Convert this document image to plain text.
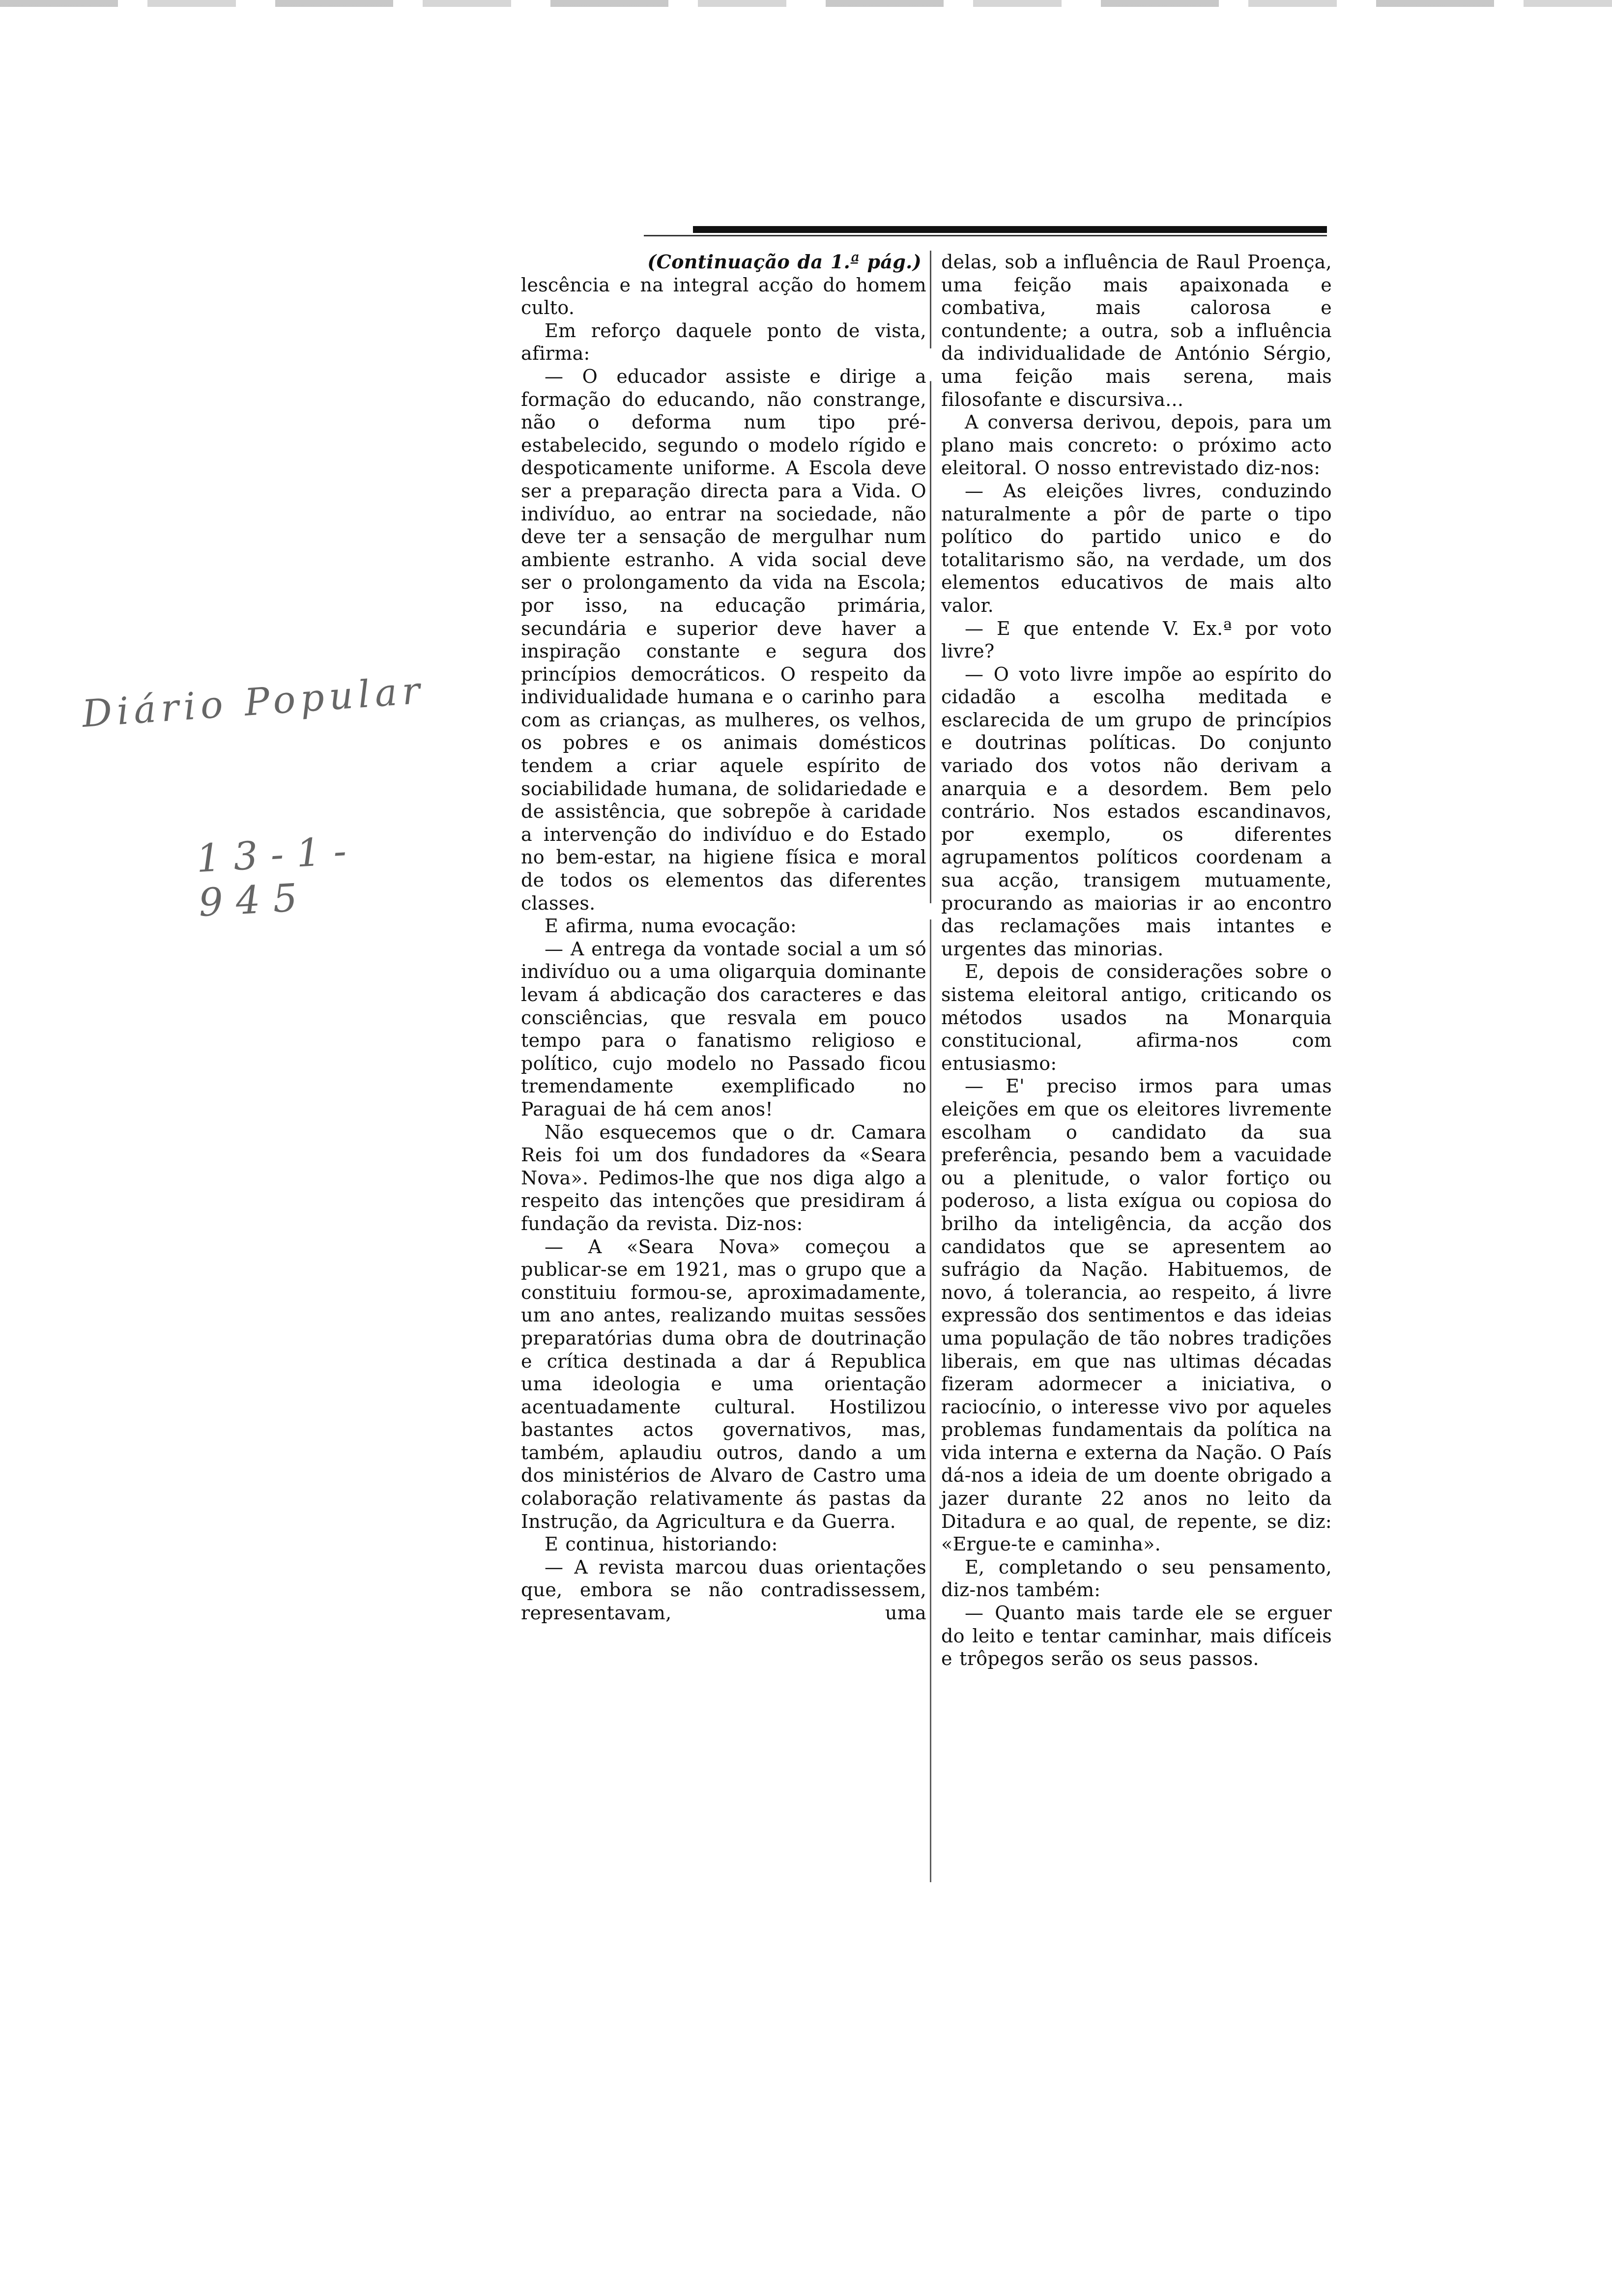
(Continuação da 1.ª pág.)

lescência e na integral acção do homem culto.

Em reforço daquele ponto de vista, afirma:

— O educador assiste e dirige a formação do educando, não constrange, não o deforma num tipo pré-estabelecido, segundo o modelo rígido e despoticamente uniforme. A Escola deve ser a preparação directa para a Vida. O indivíduo, ao entrar na sociedade, não deve ter a sensação de mergulhar num ambiente estranho. A vida social deve ser o prolongamento da vida na Escola; por isso, na educação primária, secundária e superior deve haver a inspiração constante e segura dos princípios democráticos. O respeito da individualidade humana e o carinho para com as crianças, as mulheres, os velhos, os pobres e os animais domésticos tendem a criar aquele espírito de sociabilidade humana, de solidariedade e de assistência, que sobrepõe à caridade a intervenção do indivíduo e do Estado no bem-estar, na higiene física e moral de todos os elementos das diferentes classes.

E afirma, numa evocação:

— A entrega da vontade social a um só indivíduo ou a uma oligarquia dominante levam á abdicação dos caracteres e das consciências, que resvala em pouco tempo para o fanatismo religioso e político, cujo modelo no Passado ficou tremendamente exemplificado no Paraguai de há cem anos!

Não esquecemos que o dr. Camara Reis foi um dos fundadores da «Seara Nova». Pedimos-lhe que nos diga algo a respeito das intenções que presidiram á fundação da revista. Diz-nos:

— A «Seara Nova» começou a publicar-se em 1921, mas o grupo que a constituiu formou-se, aproximadamente, um ano antes, realizando muitas sessões preparatórias duma obra de doutrinação e crítica destinada a dar á Republica uma ideologia e uma orientação acentuadamente cultural. Hostilizou bastantes actos governativos, mas, também, aplaudiu outros, dando a um dos ministérios de Alvaro de Castro uma colaboração relativamente ás pastas da Instrução, da Agricultura e da Guerra.

E continua, historiando:

— A revista marcou duas orientações que, embora se não contradissessem, representavam, uma

delas, sob a influência de Raul Proença, uma feição mais apaixonada e combativa, mais calorosa e contundente; a outra, sob a influência da individualidade de António Sérgio, uma feição mais serena, mais filosofante e discursiva...

A conversa derivou, depois, para um plano mais concreto: o próximo acto eleitoral. O nosso entrevistado diz-nos:

— As eleições livres, conduzindo naturalmente a pôr de parte o tipo político do partido unico e do totalitarismo são, na verdade, um dos elementos educativos de mais alto valor.

— E que entende V. Ex.ª por voto livre?

— O voto livre impõe ao espírito do cidadão a escolha meditada e esclarecida de um grupo de princípios e doutrinas políticas. Do conjunto variado dos votos não derivam a anarquia e a desordem. Bem pelo contrário. Nos estados escandinavos, por exemplo, os diferentes agrupamentos políticos coordenam a sua acção, transigem mutuamente, procurando as maiorias ir ao encontro das reclamações mais intantes e urgentes das minorias.

E, depois de considerações sobre o sistema eleitoral antigo, criticando os métodos usados na Monarquia constitucional, afirma-nos com entusiasmo:

— E' preciso irmos para umas eleições em que os eleitores livremente escolham o candidato da sua preferência, pesando bem a vacuidade ou a plenitude, o valor fortiço ou poderoso, a lista exígua ou copiosa do brilho da inteligência, da acção dos candidatos que se apresentem ao sufrágio da Nação. Habituemos, de novo, á tolerancia, ao respeito, á livre expressão dos sentimentos e das ideias uma população de tão nobres tradições liberais, em que nas ultimas décadas fizeram adormecer a iniciativa, o raciocínio, o interesse vivo por aqueles problemas fundamentais da política na vida interna e externa da Nação. O País dá-nos a ideia de um doente obrigado a jazer durante 22 anos no leito da Ditadura e ao qual, de repente, se diz: «Ergue-te e caminha».

E, completando o seu pensamento, diz-nos também:

— Quanto mais tarde ele se erguer do leito e tentar caminhar, mais difíceis e trôpegos serão os seus passos.

Diário Popular
13-1-945
